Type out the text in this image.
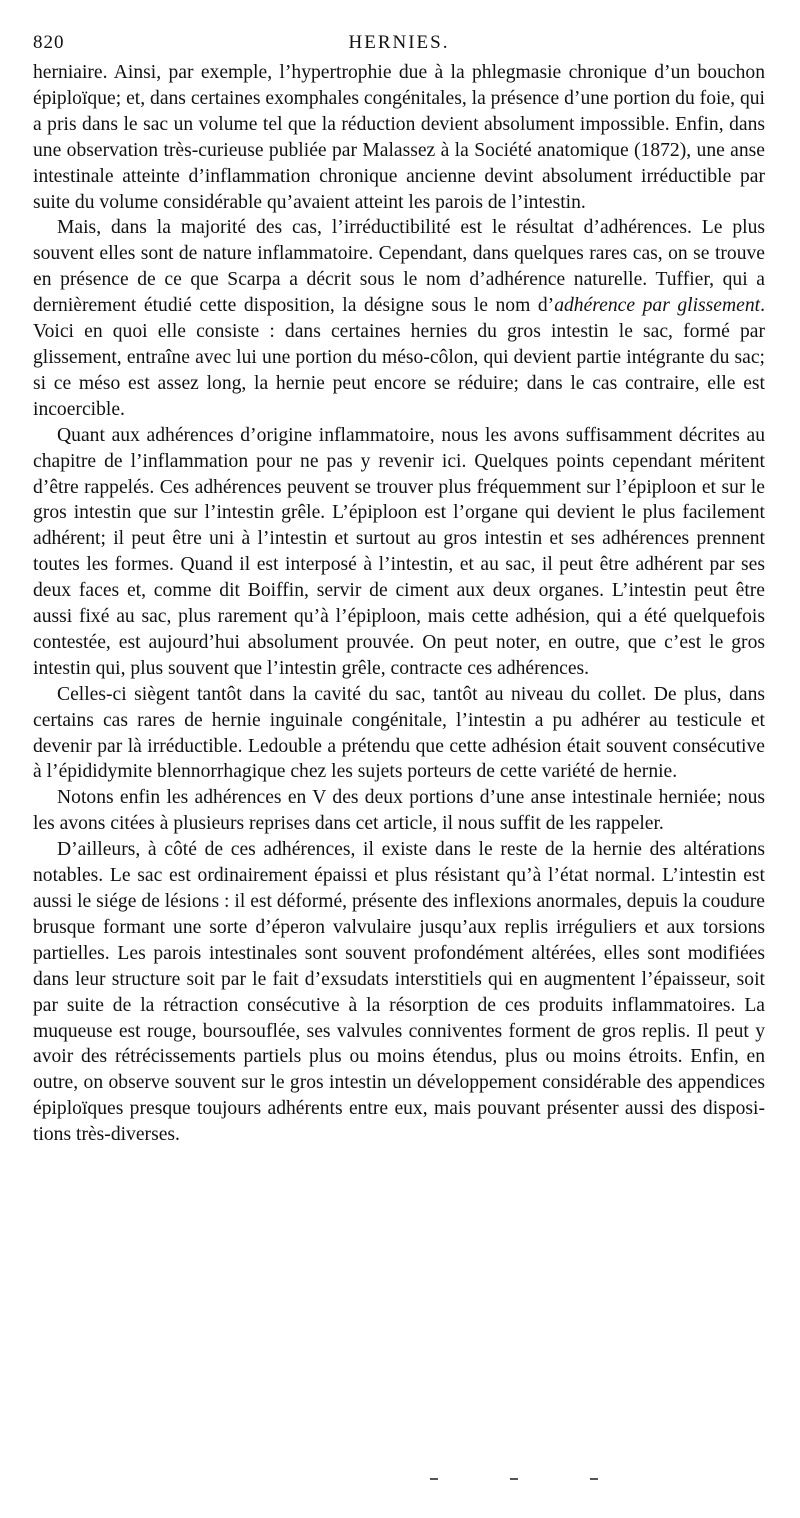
820	HERNIES.

herniaire. Ainsi, par exemple, l’hypertrophie due à la phlegmasie chronique d’un bouchon épiploïque; et, dans certaines exomphales congénitales, la présence d’une portion du foie, qui a pris dans le sac un volume tel que la réduction devient absolument impossible. Enfin, dans une observation très-curieuse publiée par Malassez à la Société anatomique (1872), une anse intestinale atteinte d’inflammation chronique ancienne devint absolument irréductible par suite du volume considérable qu’avaient atteint les parois de l’intestin.

Mais, dans la majorité des cas, l’irréductibilité est le résultat d’adhérences. Le plus souvent elles sont de nature inflammatoire. Cependant, dans quelques rares cas, on se trouve en présence de ce que Scarpa a décrit sous le nom d’adhérence naturelle. Tuffier, qui a dernièrement étudié cette disposition, la désigne sous le nom d’adhérence par glissement. Voici en quoi elle consiste : dans certaines hernies du gros intestin le sac, formé par glissement, entraîne avec lui une portion du méso-côlon, qui devient partie intégrante du sac; si ce méso est assez long, la hernie peut encore se réduire; dans le cas contraire, elle est incoercible.

Quant aux adhérences d’origine inflammatoire, nous les avons suffisamment décrites au chapitre de l’inflammation pour ne pas y revenir ici. Quelques points cependant méritent d’être rappelés. Ces adhérences peuvent se trouver plus fréquemment sur l’épiploon et sur le gros intestin que sur l’intestin grêle. L’épiploon est l’organe qui devient le plus facilement adhérent; il peut être uni à l’intestin et surtout au gros intestin et ses adhérences prennent toutes les formes. Quand il est interposé à l’intestin, et au sac, il peut être adhérent par ses deux faces et, comme dit Boiffin, servir de ciment aux deux organes. L’intestin peut être aussi fixé au sac, plus rarement qu’à l’épiploon, mais cette adhésion, qui a été quelquefois contestée, est aujourd’hui absolument prouvée. On peut noter, en outre, que c’est le gros intestin qui, plus souvent que l’intestin grêle, contracte ces adhérences.

Celles-ci siègent tantôt dans la cavité du sac, tantôt au niveau du collet. De plus, dans certains cas rares de hernie inguinale congénitale, l’intestin a pu adhérer au testicule et devenir par là irréductible. Ledouble a prétendu que cette adhésion était souvent consécutive à l’épididymite blennorrhagique chez les sujets porteurs de cette variété de hernie.

Notons enfin les adhérences en V des deux portions d’une anse intestinale herniée; nous les avons citées à plusieurs reprises dans cet article, il nous suffit de les rappeler.

D’ailleurs, à côté de ces adhérences, il existe dans le reste de la hernie des altérations notables. Le sac est ordinairement épaissi et plus résistant qu’à l’état normal. L’intestin est aussi le siége de lésions : il est déformé, présente des inflexions anormales, depuis la coudure brusque formant une sorte d’éperon valvulaire jusqu’aux replis irréguliers et aux torsions partielles. Les parois intestinales sont souvent profondément altérées, elles sont modifiées dans leur structure soit par le fait d’exsudats interstitiels qui en augmentent l’épaisseur, soit par suite de la rétraction consécutive à la résorption de ces produits inflammatoires. La muqueuse est rouge, boursouflée, ses valvules conniventes forment de gros replis. Il peut y avoir des rétrécissements partiels plus ou moins étendus, plus ou moins étroits. Enfin, en outre, on observe souvent sur le gros intestin un développement considérable des appendices épiploïques presque toujours adhérents entre eux, mais pouvant présenter aussi des dispositions très-diverses.
